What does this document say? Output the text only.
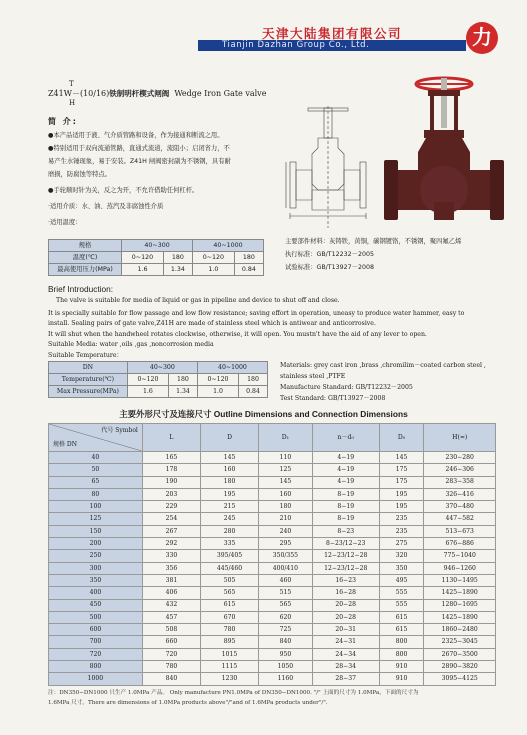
天津大陆集团有限公司
Tianjin Dazhan Group Co., Ltd.	力
T
Z41W－(10/16)铁制明杆楔式闸阀 Wedge Iron Gate valve
H
简 介:
●本产品适用于液、气介质管路和设备，作为接通和断流之用。
●特别适用于双向流通管路，直通式流道，流阻小；启闭省力，不
易产生水锤现象，易于安装。Z41H 闸阀密封副为不锈钢，具有耐
磨损，防腐蚀等特点。
●手轮顺时针为关，反之为开，不允许借助任何杠杆。
·适用介质：水、油、蒸汽及非腐蚀性介质
·适用温度：
规格	40~300		40~1000	
温度(℃)	0~120	180	0~120	180
最高使用压力(MPa)	1.6	1.34	1.0	0.84
主要部件材料：灰铸铁，黄铜，碳钢镀铬，不锈钢，聚四氟乙烯
执行标准：GB/T12232－2005
试验标准：GB/T13927－2008
Brief Introduction:
The valve is suitable for media of liquid or gas in pipeline and device to shut off and close.
It is specially suitable for flow passage and low flow resistance; saving effort in operation, uneasy to produce water hammer, easy to
install. Sealing pairs of gate valve,Z41H are made of stainless steel which is antiwear and anticorrosive.
It will shut when the handwheel rotates clockwise, otherwise, it will open. You mustn't have the aid of any lever to open.
Suitable Media: water ,oils ,gas ,noncorrosion media
Suitable Temperature：
DN	40~300		40~1000	
Temperature(℃)	0~120	180	0~120	180
Max Pressure(MPa)	1.6	1.34	1.0	0.84
Materials: grey cast iron ,brass ,chromilim－coated carbon steel ,
stainless steel ,PTFE
Manufacture Standard: GB/T12232－2005
Test Standard: GB/T13927－2008
主要外形尺寸及连接尺寸 Outline Dimensions and Connection Dimensions
代号 Symbol
规格 DN	L	D	D₁	n－d₀	D₀	H(≈)
40	165	145	110	4−19	145	230−280
50	178	160	125	4−19	175	246−306
65	190	180	145	4−19	175	283−358
80	203	195	160	8−19	195	326−416
100	229	215	180	8−19	195	370−480
125	254	245	210	8−19	235	447−582
150	267	280	240	8−23	235	513−673
200	292	335	295	8−23/12−23	275	676−886
250	330	395/405	350/355	12−23/12−28	320	775−1040
300	356	445/460	400/410	12−23/12−28	350	946−1260
350	381	505	460	16−23	495	1130−1495
400	406	565	515	16−28	555	1425−1890
450	432	615	565	20−28	555	1280−1695
500	457	670	620	20−28	615	1425−1890
600	508	780	725	20−31	615	1860−2480
700	660	895	840	24−31	800	2325−3045
720	720	1015	950	24−34	800	2670−3500
800	780	1115	1050	28−34	910	2890−3820
1000	840	1230	1160	28−37	910	3095−4125
注：DN350−DN1000 只生产 1.0MPa 产品。 Only manufacture PN1.0MPa of DN350−DN1000. "/" 上面的尺寸为 1.0MPa，下面的尺寸为
1.6MPa 尺寸。There are dimensions of 1.0MPa products above"/"and of 1.6MPa products under"/".
